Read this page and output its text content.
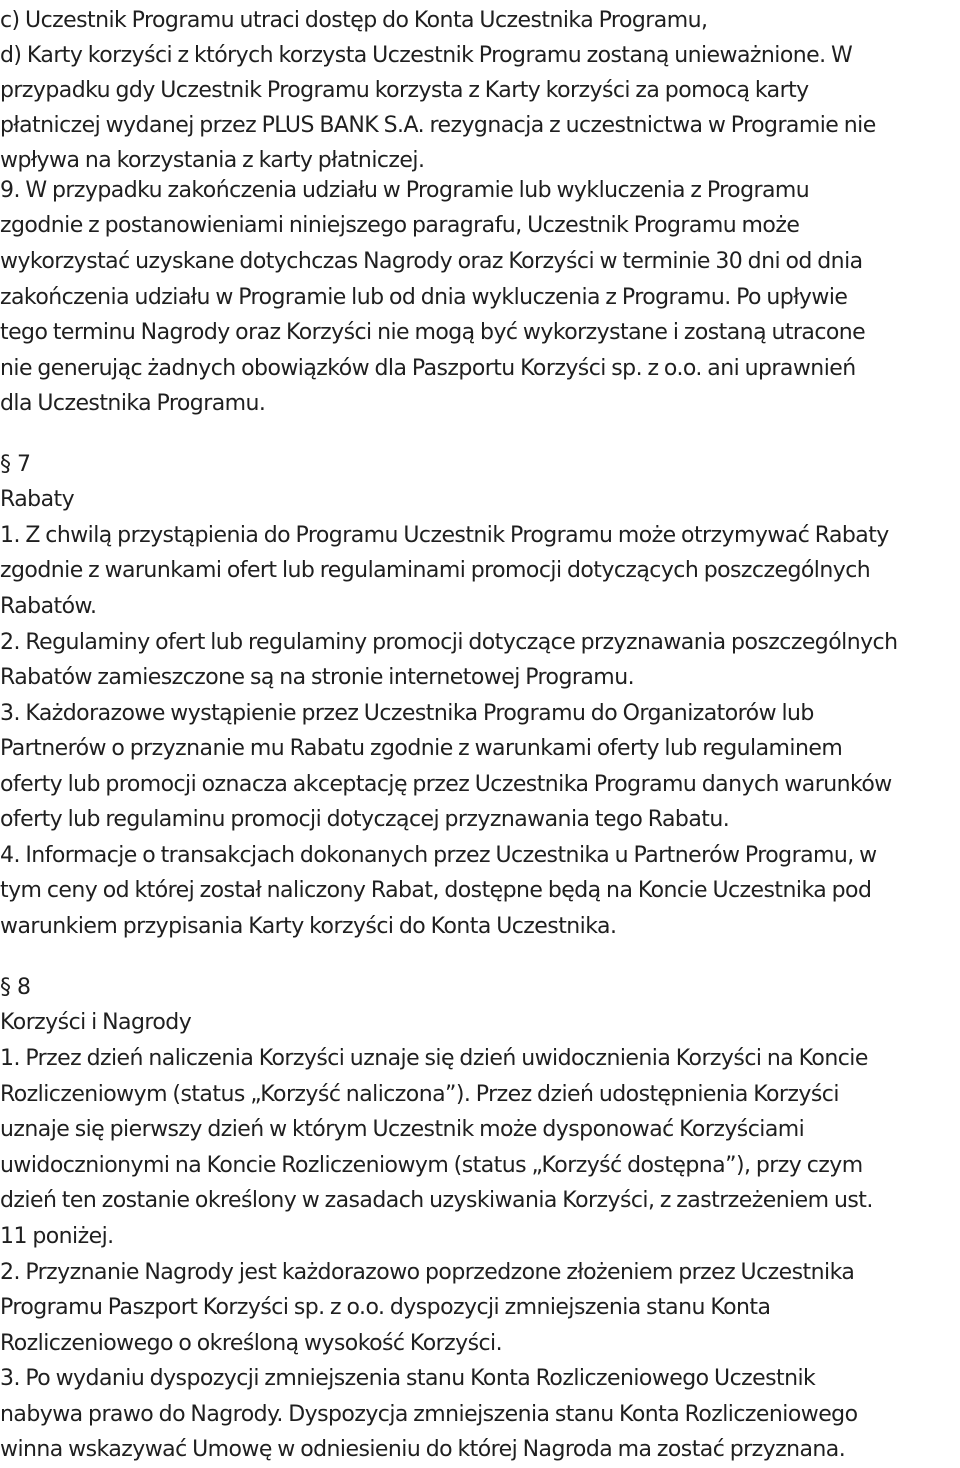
c) Uczestnik Programu utraci dostęp do Konta Uczestnika Programu,
d) Karty korzyści z których korzysta Uczestnik Programu zostaną unieważnione. W
przypadku gdy Uczestnik Programu korzysta z Karty korzyści za pomocą karty
płatniczej wydanej przez PLUS BANK S.A. rezygnacja z uczestnictwa w Programie nie
wpływa na korzystania z karty płatniczej.
9. W przypadku zakończenia udziału w Programie lub wykluczenia z Programu
zgodnie z postanowieniami niniejszego paragrafu, Uczestnik Programu może
wykorzystać uzyskane dotychczas Nagrody oraz Korzyści w terminie 30 dni od dnia
zakończenia udziału w Programie lub od dnia wykluczenia z Programu. Po upływie
tego terminu Nagrody oraz Korzyści nie mogą być wykorzystane i zostaną utracone
nie generując żadnych obowiązków dla Paszportu Korzyści sp. z o.o. ani uprawnień
dla Uczestnika Programu.
§ 7
Rabaty
1. Z chwilą przystąpienia do Programu Uczestnik Programu może otrzymywać Rabaty
zgodnie z warunkami ofert lub regulaminami promocji dotyczących poszczególnych
Rabatów.
2. Regulaminy ofert lub regulaminy promocji dotyczące przyznawania poszczególnych
Rabatów zamieszczone są na stronie internetowej Programu.
3. Każdorazowe wystąpienie przez Uczestnika Programu do Organizatorów lub
Partnerów o przyznanie mu Rabatu zgodnie z warunkami oferty lub regulaminem
oferty lub promocji oznacza akceptację przez Uczestnika Programu danych warunków
oferty lub regulaminu promocji dotyczącej przyznawania tego Rabatu.
4. Informacje o transakcjach dokonanych przez Uczestnika u Partnerów Programu, w
tym ceny od której został naliczony Rabat, dostępne będą na Koncie Uczestnika pod
warunkiem przypisania Karty korzyści do Konta Uczestnika.
§ 8
Korzyści i Nagrody
1. Przez dzień naliczenia Korzyści uznaje się dzień uwidocznienia Korzyści na Koncie
Rozliczeniowym (status „Korzyść naliczona”). Przez dzień udostępnienia Korzyści
uznaje się pierwszy dzień w którym Uczestnik może dysponować Korzyściami
uwidocznionymi na Koncie Rozliczeniowym (status „Korzyść dostępna”), przy czym
dzień ten zostanie określony w zasadach uzyskiwania Korzyści, z zastrzeżeniem ust.
11 poniżej.
2. Przyznanie Nagrody jest każdorazowo poprzedzone złożeniem przez Uczestnika
Programu Paszport Korzyści sp. z o.o. dyspozycji zmniejszenia stanu Konta
Rozliczeniowego o określoną wysokość Korzyści.
3. Po wydaniu dyspozycji zmniejszenia stanu Konta Rozliczeniowego Uczestnik
nabywa prawo do Nagrody. Dyspozycja zmniejszenia stanu Konta Rozliczeniowego
winna wskazywać Umowę w odniesieniu do której Nagroda ma zostać przyznana.
